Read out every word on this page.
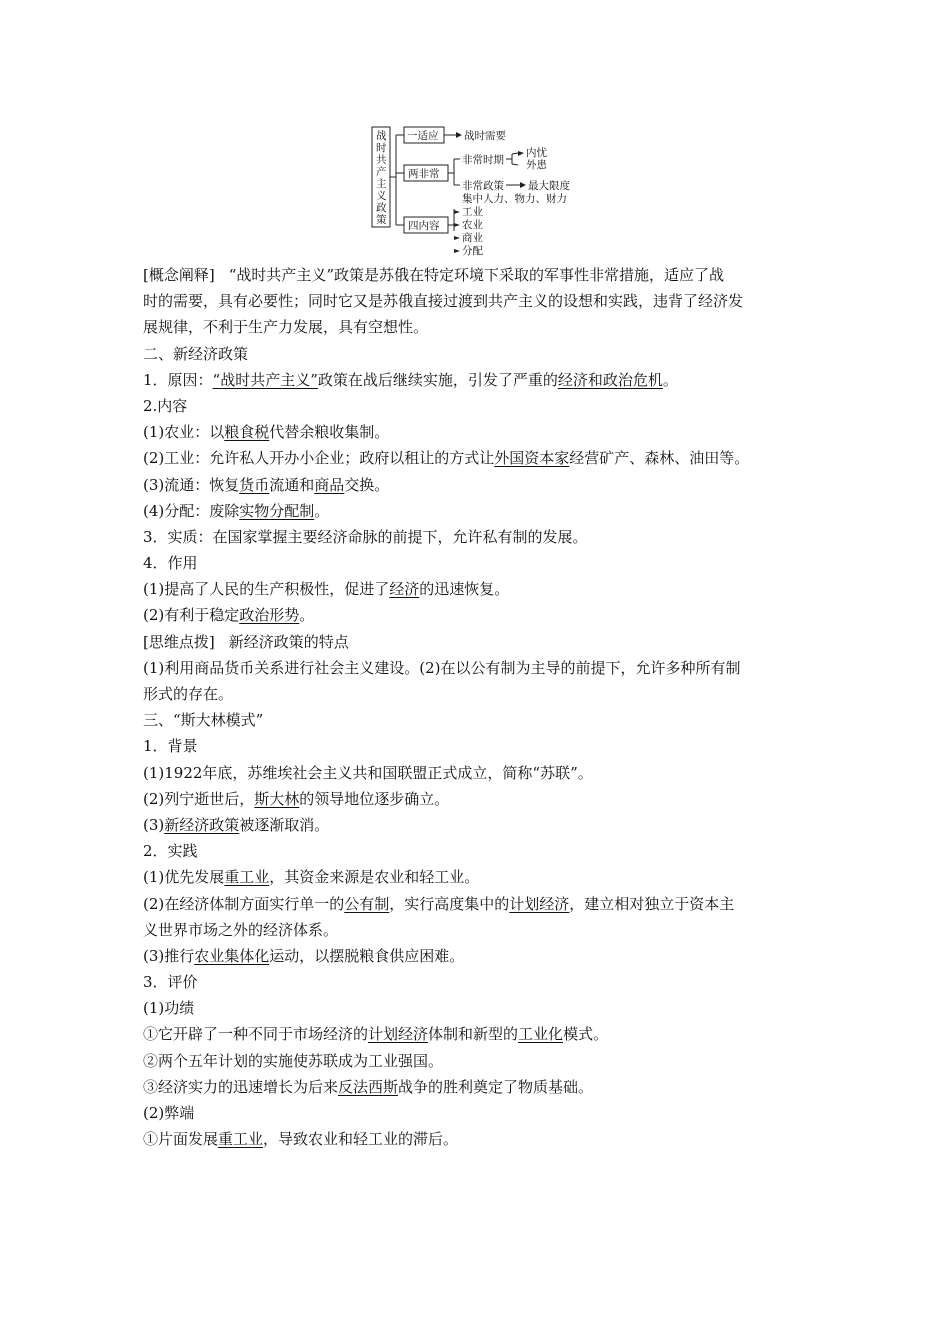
战
时
共
产
主
义
政
策
一适应 战时需要
两非常
非常时期
内忧
外患
非常政策 最大限度
集中人力、物力、财力
四内容
工业
农业
商业
分配
[概念阐释] “战时共产主义”政策是苏俄在特定环境下采取的军事性非常措施，适应了战
时的需要，具有必要性；同时它又是苏俄直接过渡到共产主义的设想和实践，违背了经济发
展规律，不利于生产力发展，具有空想性。
二、新经济政策
1．原因：“战时共产主义”政策在战后继续实施，引发了严重的经济和政治危机。
2.内容
(1)农业：以粮食税代替余粮收集制。
(2)工业：允许私人开办小企业；政府以租让的方式让外国资本家经营矿产、森林、油田等。
(3)流通：恢复货币流通和商品交换。
(4)分配：废除实物分配制。
3．实质：在国家掌握主要经济命脉的前提下，允许私有制的发展。
4．作用
(1)提高了人民的生产积极性，促进了经济的迅速恢复。
(2)有利于稳定政治形势。
[思维点拨] 新经济政策的特点
(1)利用商品货币关系进行社会主义建设。(2)在以公有制为主导的前提下，允许多种所有制
形式的存在。
三、“斯大林模式”
1．背景
(1)1922年底，苏维埃社会主义共和国联盟正式成立，简称“苏联”。
(2)列宁逝世后，斯大林的领导地位逐步确立。
(3)新经济政策被逐渐取消。
2．实践
(1)优先发展重工业，其资金来源是农业和轻工业。
(2)在经济体制方面实行单一的公有制，实行高度集中的计划经济，建立相对独立于资本主
义世界市场之外的经济体系。
(3)推行农业集体化运动，以摆脱粮食供应困难。
3．评价
(1)功绩
①它开辟了一种不同于市场经济的计划经济体制和新型的工业化模式。
②两个五年计划的实施使苏联成为工业强国。
③经济实力的迅速增长为后来反法西斯战争的胜利奠定了物质基础。
(2)弊端
①片面发展重工业，导致农业和轻工业的滞后。
